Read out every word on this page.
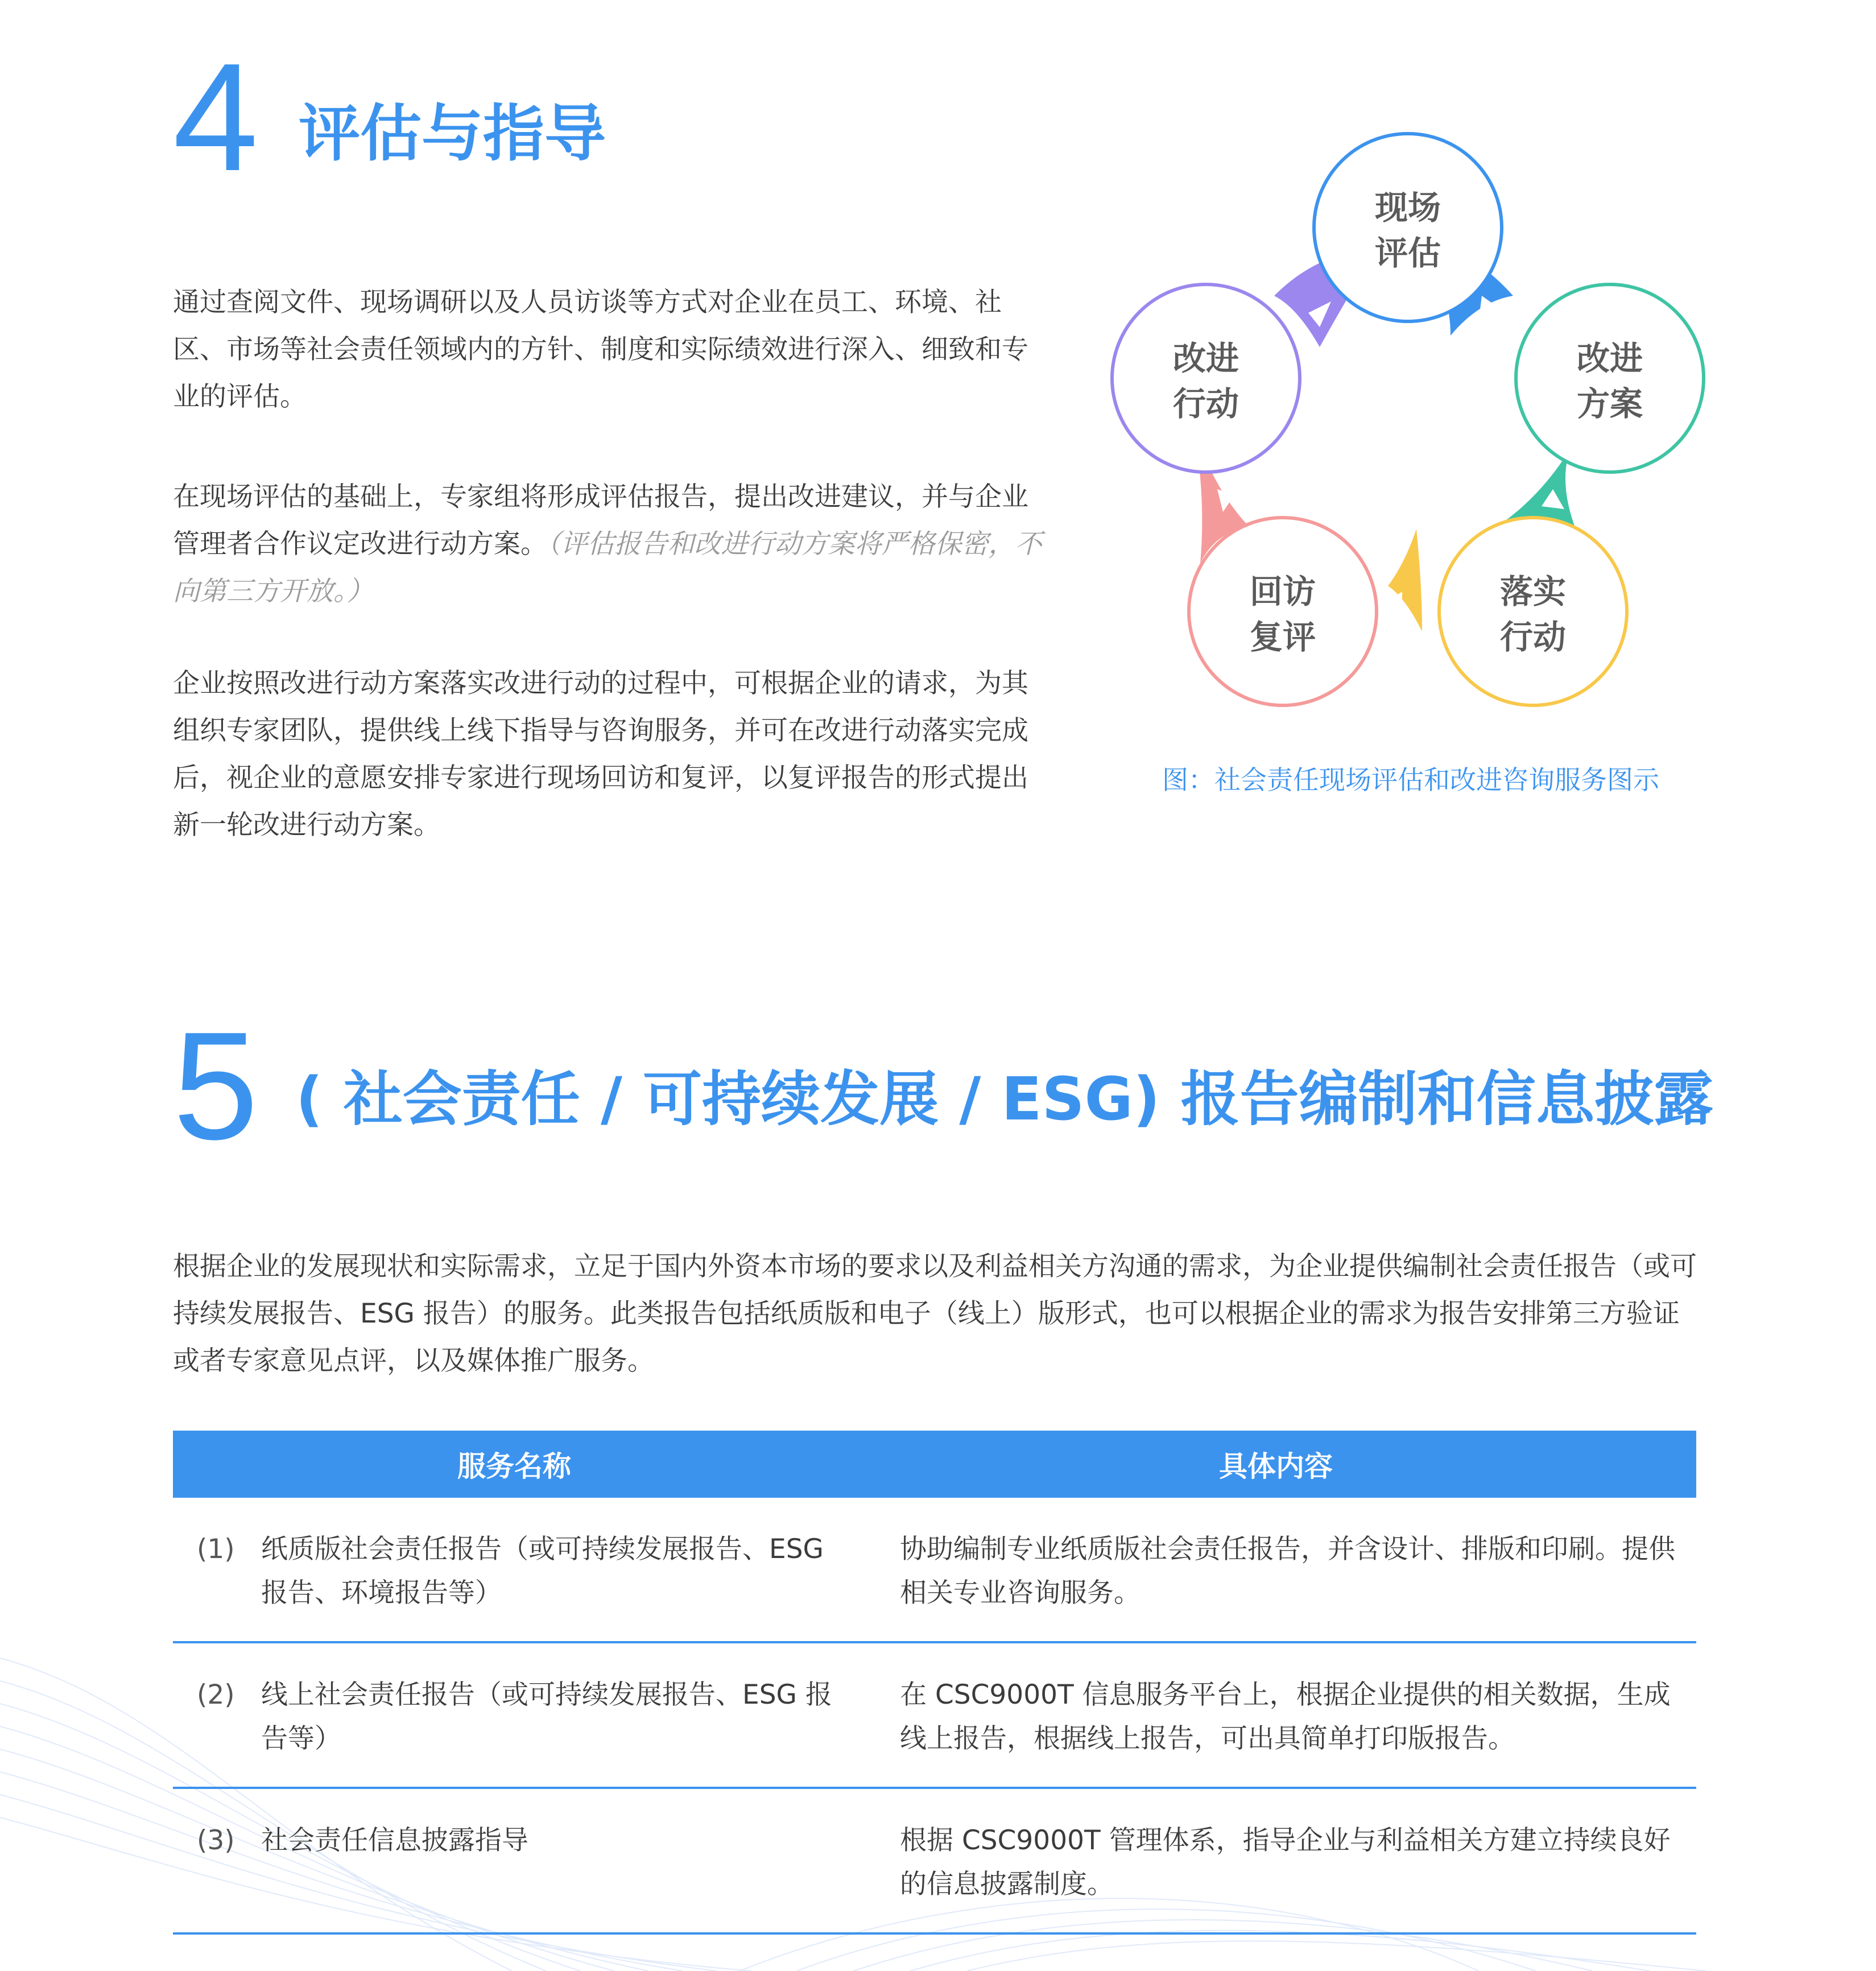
4 评估与指导
通过查阅文件、现场调研以及人员访谈等方式对企业在员工、环境、社区、市场等社会责任领域内的方针、制度和实际绩效进行深入、细致和专业的评估。
在现场评估的基础上，专家组将形成评估报告，提出改进建议，并与企业管理者合作议定改进行动方案。（评估报告和改进行动方案将严格保密，不向第三方开放。）
企业按照改进行动方案落实改进行动的过程中，可根据企业的请求，为其组织专家团队，提供线上线下指导与咨询服务，并可在改进行动落实完成后，视企业的意愿安排专家进行现场回访和复评，以复评报告的形式提出新一轮改进行动方案。
现场
评估
改进
方案
落实
行动
回访
复评
改进
行动
图：社会责任现场评估和改进咨询服务图示
5 ( 社会责任 / 可持续发展 / ESG) 报告编制和信息披露
根据企业的发展现状和实际需求，立足于国内外资本市场的要求以及利益相关方沟通的需求，为企业提供编制社会责任报告（或可持续发展报告、ESG 报告）的服务。此类报告包括纸质版和电子（线上）版形式，也可以根据企业的需求为报告安排第三方验证或者专家意见点评，以及媒体推广服务。
服务名称	具体内容
(1) 纸质版社会责任报告（或可持续发展报告、ESG 报告、环境报告等）
协助编制专业纸质版社会责任报告，并含设计、排版和印刷。提供相关专业咨询服务。
(2) 线上社会责任报告（或可持续发展报告、ESG 报告等）
在 CSC9000T 信息服务平台上，根据企业提供的相关数据，生成线上报告，根据线上报告，可出具简单打印版报告。
(3) 社会责任信息披露指导	根据 CSC9000T 管理体系，指导企业与利益相关方建立持续良好的信息披露制度。
